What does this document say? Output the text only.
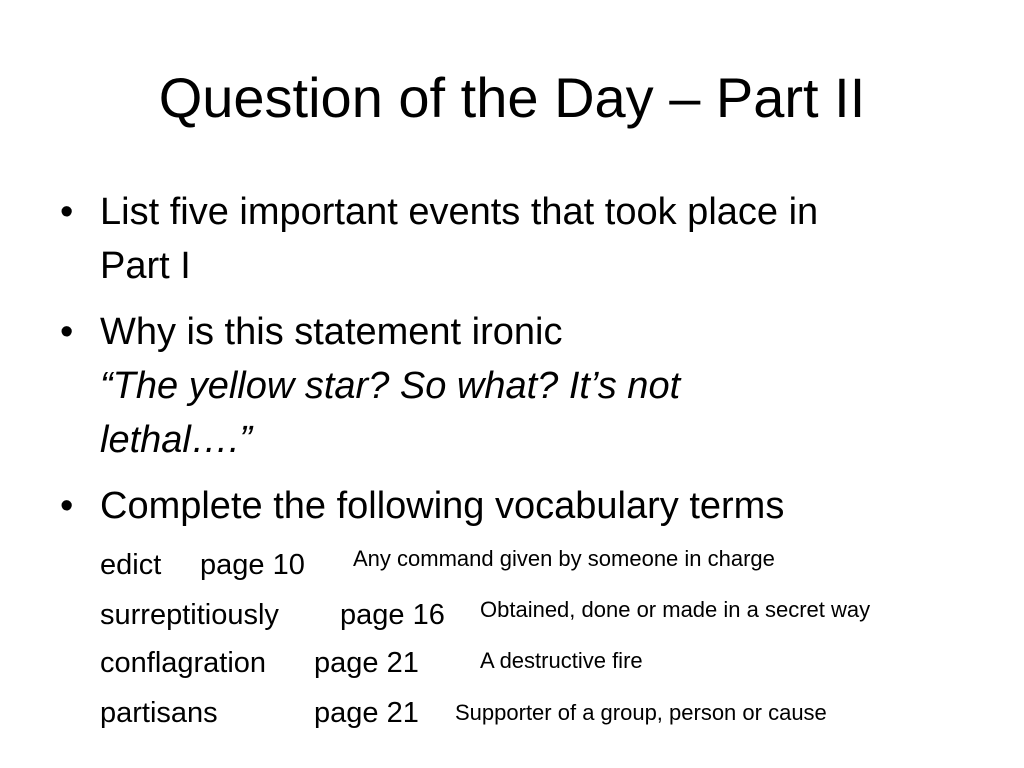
Question of the Day – Part II
• List five important events that took place in
Part I
• Why is this statement ironic
“The yellow star? So what? It’s not
lethal….”
• Complete the following vocabulary terms
edict page 10 Any command given by someone in charge
surreptitiously page 16 Obtained, done or made in a secret way
conflagration page 21	A destructive fire
partisans	page 21 Supporter of a group, person or cause
